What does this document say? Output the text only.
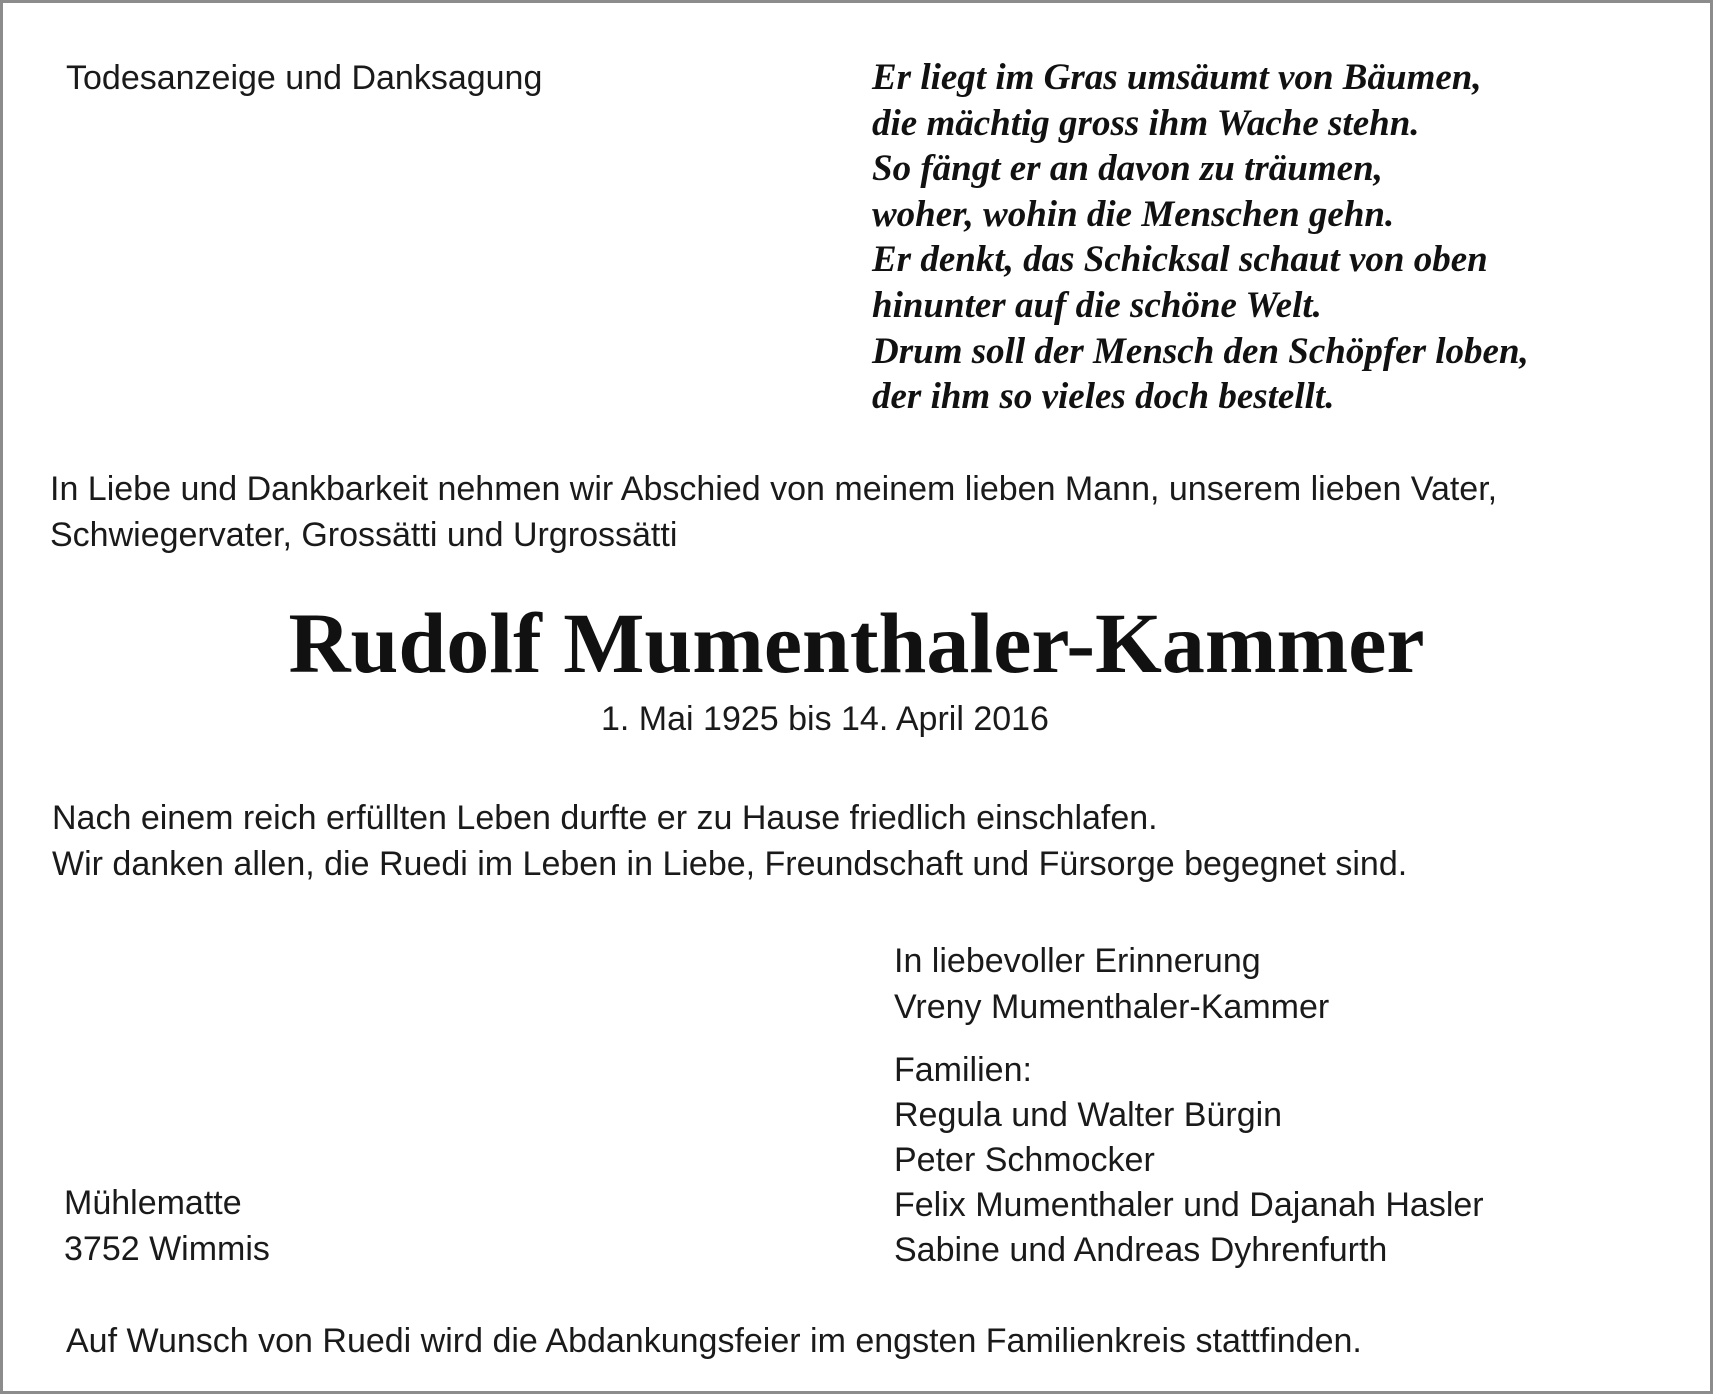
Todesanzeige und Danksagung	Er liegt im Gras umsäumt von Bäumen,
die mächtig gross ihm Wache stehn.
So fängt er an davon zu träumen,
woher, wohin die Menschen gehn.
Er denkt, das Schicksal schaut von oben
hinunter auf die schöne Welt.
Drum soll der Mensch den Schöpfer loben,
der ihm so vieles doch bestellt.
In Liebe und Dankbarkeit nehmen wir Abschied von meinem lieben Mann, unserem lieben Vater,
Schwiegervater, Grossätti und Urgrossätti
Rudolf Mumenthaler-Kammer

1. Mai 1925 bis 14. April 2016

Nach einem reich erfüllten Leben durfte er zu Hause friedlich einschlafen.
Wir danken allen, die Ruedi im Leben in Liebe, Freundschaft und Fürsorge begegnet sind.
In liebevoller Erinnerung
Vreny Mumenthaler-Kammer
Familien:
Regula und Walter Bürgin
Peter Schmocker
Felix Mumenthaler und Dajanah Hasler
Sabine und Andreas Dyhrenfurth
Mühlematte
3752 Wimmis

Auf Wunsch von Ruedi wird die Abdankungsfeier im engsten Familienkreis stattfinden.
